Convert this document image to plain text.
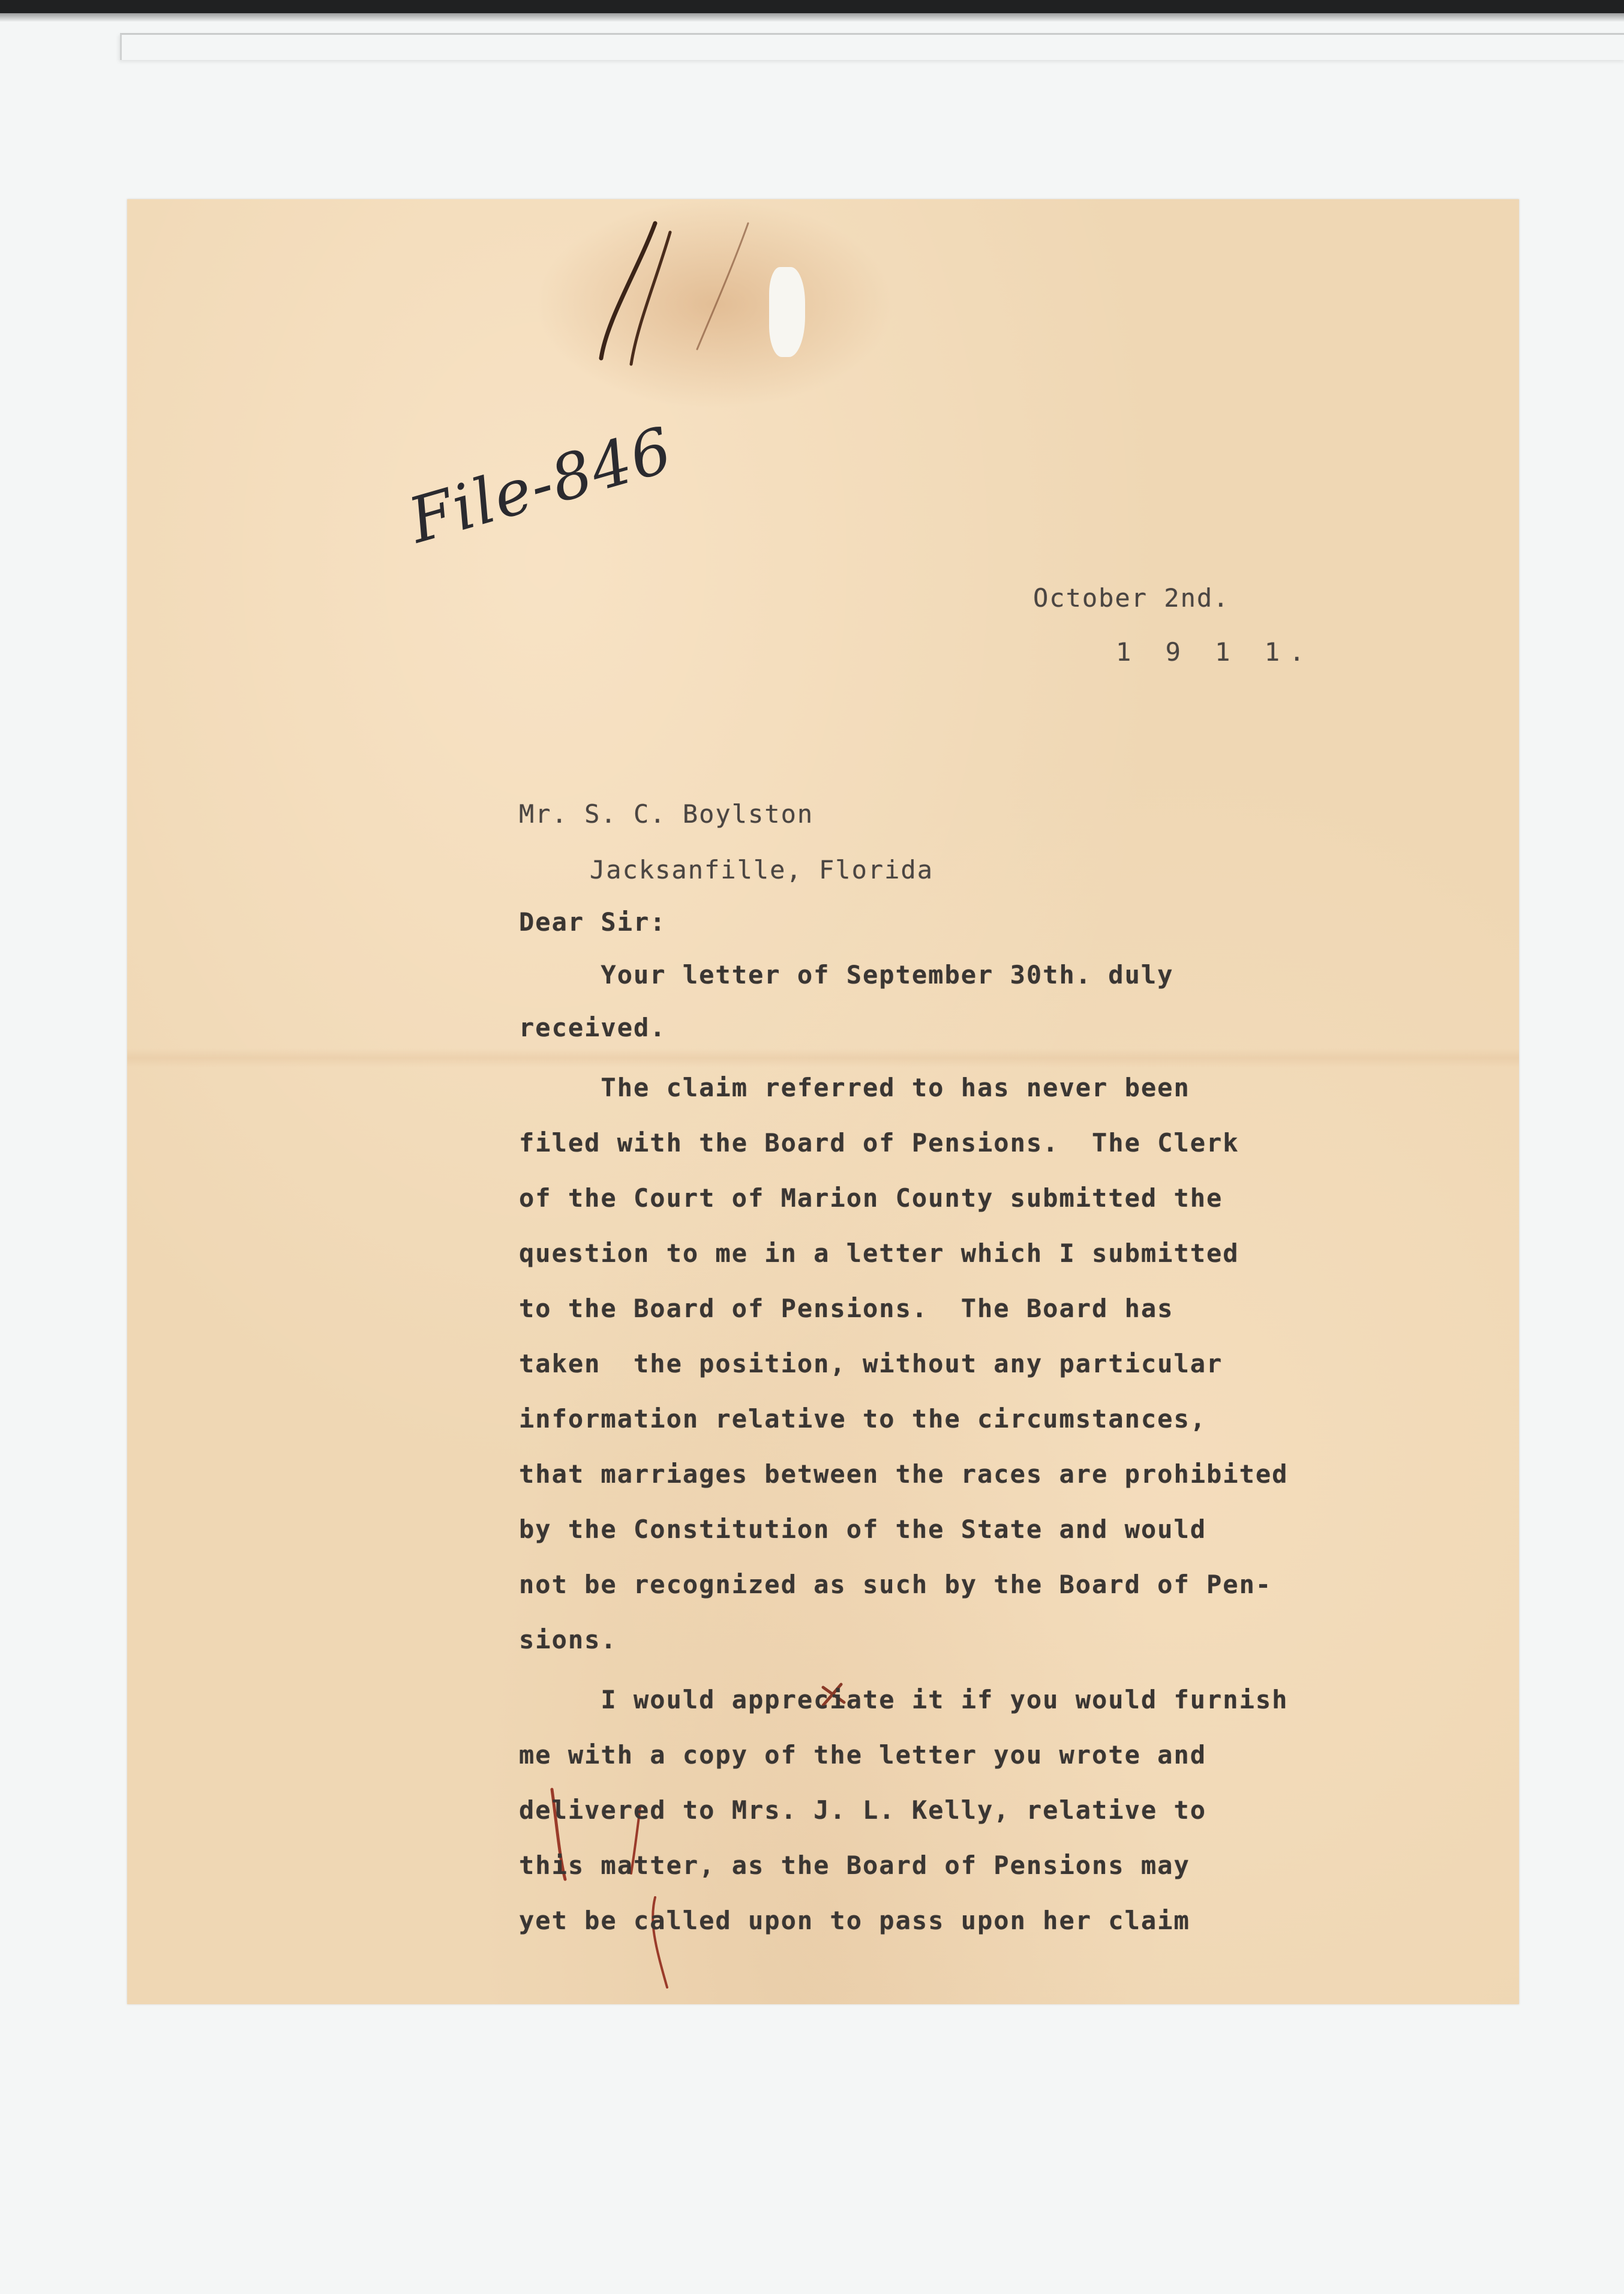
File-846
October 2nd.
1 9 1 1.
Mr. S. C. Boylston
Jacksanfille, Florida
Dear Sir:
Your letter of September 30th. duly
received.
The claim referred to has never been
filed with the Board of Pensions.  The Clerk
of the Court of Marion County submitted the
question to me in a letter which I submitted
to the Board of Pensions.  The Board has
taken  the position, without any particular
information relative to the circumstances,
that marriages between the races are prohibited
by the Constitution of the State and would
not be recognized as such by the Board of Pen-
sions.
I would appreciate it if you would furnish
me with a copy of the letter you wrote and
delivered to Mrs. J. L. Kelly, relative to
this matter, as the Board of Pensions may
yet be called upon to pass upon her claim
